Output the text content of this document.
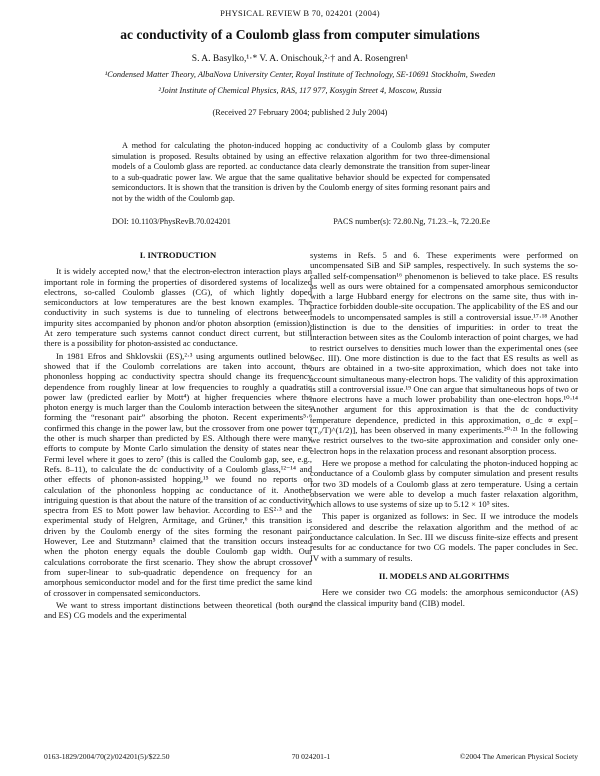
PHYSICAL REVIEW B 70, 024201 (2004)
ac conductivity of a Coulomb glass from computer simulations
S. A. Basylko,¹·* V. A. Onischouk,²·† and A. Rosengren¹
¹Condensed Matter Theory, AlbaNova University Center, Royal Institute of Technology, SE-10691 Stockholm, Sweden
²Joint Institute of Chemical Physics, RAS, 117 977, Kosygin Street 4, Moscow, Russia
(Received 27 February 2004; published 2 July 2004)
A method for calculating the photon-induced hopping ac conductivity of a Coulomb glass by computer simulation is proposed. Results obtained by using an effective relaxation algorithm for two three-dimensional models of a Coulomb glass are reported. ac conductance data clearly demonstrate the transition from super-linear to a sub-quadratic power law. We argue that the same qualitative behavior should be expected for compensated semiconductors. It is shown that the transition is driven by the Coulomb energy of sites forming resonant pairs and not by the width of the Coulomb gap.
DOI: 10.1103/PhysRevB.70.024201	PACS number(s): 72.80.Ng, 71.23.−k, 72.20.Ee
I. INTRODUCTION

It is widely accepted now,¹ that the electron-electron interaction plays an important role in forming the properties of disordered systems of localized electrons, so-called Coulomb glasses (CG), of which lightly doped semiconductors at low temperatures are the best known examples. The conductivity in such systems is due to tunneling of electrons between impurity sites accompanied by phonon and/or photon absorption (emission). At zero temperature such systems cannot conduct direct current, but still there is a possibility for photon-assisted ac conductance.

In 1981 Efros and Shklovskii (ES),²·³ using arguments outlined below, showed that if the Coulomb correlations are taken into account, the phononless hopping ac conductivity spectra should change its frequency dependence from roughly linear at low frequencies to roughly a quadratic power law (predicted earlier by Mott⁴) at higher frequencies where the photon energy is much larger than the Coulomb interaction between the sites forming the “resonant pair” absorbing the photon. Recent experiments⁵·⁶ confirmed this change in the power law, but the crossover from one power to the other is much sharper than predicted by ES. Although there were many efforts to compute by Monte Carlo simulation the density of states near the Fermi level where it goes to zero⁷ (this is called the Coulomb gap, see, e.g., Refs. 8–11), to calculate the dc conductivity of a Coulomb glass,¹²⁻¹⁴ and other effects of phonon-assisted hopping,¹⁵ we found no reports on calculation of the phononless hopping ac conductance of it. Another intriguing question is that about the nature of the transition of ac conductivity spectra from ES to Mott power law behavior. According to ES²·³ and the experimental study of Helgren, Armitage, and Grüner,⁶ this transition is driven by the Coulomb energy of the sites forming the resonant pair. However, Lee and Stutzmann⁵ claimed that the transition occurs instead when the photon energy equals the double Coulomb gap width. Our calculations corroborate the first scenario. They show the abrupt crossover from super-linear to sub-quadratic dependence on frequency for an amorphous semiconductor model and for the first time predict the same kind of crossover in compensated semiconductors.

We want to stress important distinctions between theoretical (both ours and ES) CG models and the experimental

systems in Refs. 5 and 6. These experiments were performed on uncompensated SiB and SiP samples, respectively. In such systems the so-called self-compensation¹⁶ phenomenon is believed to take place. ES results as well as ours were obtained for a compensated amorphous semiconductor with a large Hubbard energy for electrons on the same site, thus with in-practice forbidden double-site occupation. The applicability of the ES and our models to uncompensated samples is still a controversial issue.¹⁷·¹⁸ Another distinction is due to the densities of impurities: in order to treat the interaction between sites as the Coulomb interaction of point charges, we had to restrict ourselves to densities much lower than the experimental ones (see Sec. III). One more distinction is due to the fact that ES results as well as ours are obtained in a two-site approximation, which does not take into account simultaneous many-electron hops. The validity of this approximation is still a controversial issue.¹⁹ One can argue that simultaneous hops of two or more electrons have a much lower probability than one-electron hops.¹⁰·¹⁴ Another argument for this approximation is that the dc conductivity temperature dependence, predicted in this approximation, σ_dc ∝ exp[−(T₀/T)^(1/2)], has been observed in many experiments.²⁰·²¹ In the following we restrict ourselves to the two-site approximation and consider only one-electron hops in the relaxation process and resonant absorption process.

Here we propose a method for calculating the photon-induced hopping ac conductance of a Coulomb glass by computer simulation and present results for two 3D models of a Coulomb glass at zero temperature. Using a certain observation we were able to develop a much faster relaxation algorithm, which allows to use systems of size up to 5.12 × 10⁵ sites.

This paper is organized as follows: in Sec. II we introduce the models considered and describe the relaxation algorithm and the method of ac conductance calculation. In Sec. III we discuss finite-size effects and present results for ac conductance for two CG models. The paper concludes in Sec. IV with a summary of results.

II. MODELS AND ALGORITHMS

Here we consider two CG models: the amorphous semiconductor (AS) and the classical impurity band (CIB) model.

0163-1829/2004/70(2)/024201(5)/$22.50	70 024201-1	©2004 The American Physical Society
